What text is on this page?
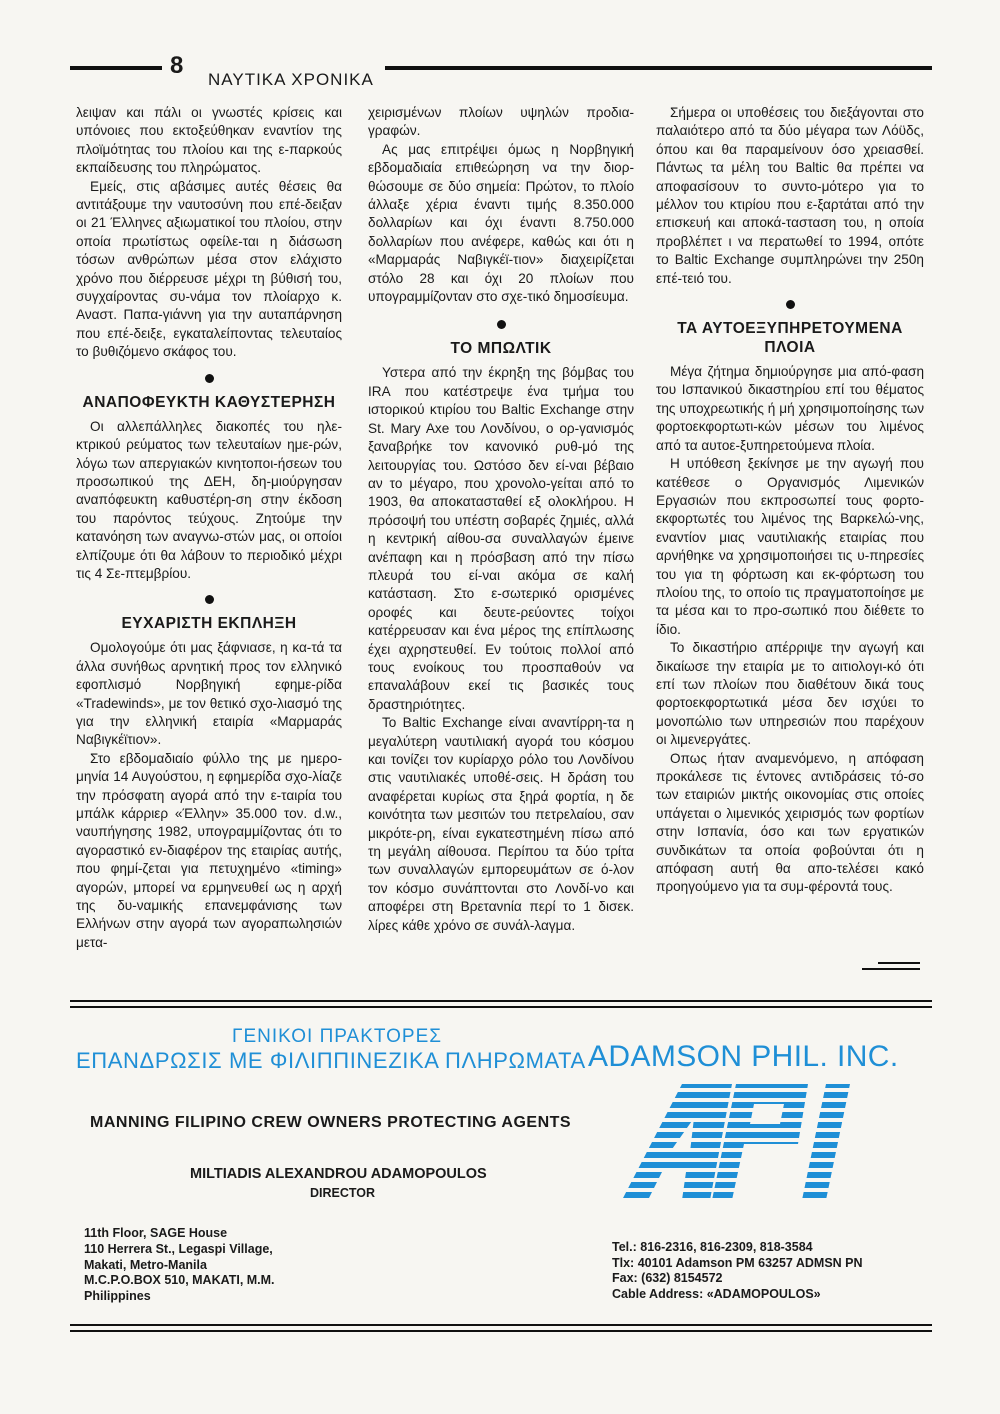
8
ΝΑΥΤΙΚΑ ΧΡΟΝΙΚΑ

λειψαν και πάλι οι γνωστές κρίσεις και υπόνοιες που εκτοξεύθηκαν εναντίον της πλοϊμότητας του πλοίου και της ε-παρκούς εκπαίδευσης του πληρώματος.

Εμείς, στις αβάσιμες αυτές θέσεις θα αντιτάξουμε την ναυτοσύνη που επέ-δειξαν οι 21 Έλληνες αξιωματικοί του πλοίου, στην οποία πρωτίστως οφείλε-ται η διάσωση τόσων ανθρώπων μέσα στον ελάχιστο χρόνο που διέρρευσε μέχρι τη βύθισή του, συγχαίροντας συ-νάμα τον πλοίαρχο κ. Αναστ. Παπα-γιάννη για την αυταπάρνηση που επέ-δειξε, εγκαταλείποντας τελευταίος το βυθιζόμενο σκάφος του.

ΑΝΑΠΟΦΕΥΚΤΗ ΚΑΘΥΣΤΕΡΗΣΗ

Οι αλλεπάλληλες διακοπές του ηλε-κτρικού ρεύματος των τελευταίων ημε-ρών, λόγω των απεργιακών κινητοποι-ήσεων του προσωπικού της ΔΕΗ, δη-μιούργησαν αναπόφευκτη καθυστέρη-ση στην έκδοση του παρόντος τεύχους. Ζητούμε την κατανόηση των αναγνω-στών μας, οι οποίοι ελπίζουμε ότι θα λάβουν το περιοδικό μέχρι τις 4 Σε-πτεμβρίου.

ΕΥΧΑΡΙΣΤΗ ΕΚΠΛΗΞΗ

Ομολογούμε ότι μας ξάφνιασε, η κα-τά τα άλλα συνήθως αρνητική προς τον ελληνικό εφοπλισμό Νορβηγική εφημε-ρίδα «Tradewinds», με τον θετικό σχο-λιασμό της για την ελληνική εταιρία «Μαρμαράς Ναβιγκέϊτιον».

Στο εβδομαδιαίο φύλλο της με ημερο-μηνία 14 Αυγούστου, η εφημερίδα σχο-λίαζε την πρόσφατη αγορά από την ε-ταιρία του μπάλκ κάρριερ «Έλλην» 35.000 τον. d.w., ναυπήγησης 1982, υπογραμμίζοντας ότι το αγοραστικό εν-διαφέρον της εταιρίας αυτής, που φημί-ζεται για πετυχημένο «timing» αγορών, μπορεί να ερμηνευθεί ως η αρχή της δυ-ναμικής επανεμφάνισης των Ελλήνων στην αγορά των αγοραπωλησιών μετα-

χειρισμένων πλοίων υψηλών προδια-γραφών.

Ας μας επιτρέψει όμως η Νορβηγική εβδομαδιαία επιθεώρηση να την διορ-θώσουμε σε δύο σημεία: Πρώτον, το πλοίο άλλαξε χέρια έναντι τιμής 8.350.000 δολλαρίων και όχι έναντι 8.750.000 δολλαρίων που ανέφερε, καθώς και ότι η «Μαρμαράς Ναβιγκέϊ-τιον» διαχειρίζεται στόλο 28 και όχι 20 πλοίων που υπογραμμίζονταν στο σχε-τικό δημοσίευμα.

ΤΟ ΜΠΩΛΤΙΚ

Υστερα από την έκρηξη της βόμβας του IRA που κατέστρεψε ένα τμήμα του ιστορικού κτιρίου του Baltic Exchange στην St. Mary Axe του Λονδίνου, ο ορ-γανισμός ξαναβρήκε τον κανονικό ρυθ-μό της λειτουργίας του. Ωστόσο δεν εί-ναι βέβαιο αν το μέγαρο, που χρονολο-γείται από το 1903, θα αποκατασταθεί εξ ολοκλήρου. Η πρόσοψή του υπέστη σοβαρές ζημιές, αλλά η κεντρική αίθου-σα συναλλαγών έμεινε ανέπαφη και η πρόσβαση από την πίσω πλευρά του εί-ναι ακόμα σε καλή κατάσταση. Στο ε-σωτερικό ορισμένες οροφές και δευτε-ρεύοντες τοίχοι κατέρρευσαν και ένα μέρος της επίπλωσης έχει αχρηστευθεί. Εν τούτοις πολλοί από τους ενοίκους του προσπαθούν να επαναλάβουν εκεί τις βασικές τους δραστηριότητες.

Το Baltic Exchange είναι αναντίρρη-τα η μεγαλύτερη ναυτιλιακή αγορά του κόσμου και τονίζει τον κυρίαρχο ρόλο του Λονδίνου στις ναυτιλιακές υποθέ-σεις. Η δράση του αναφέρεται κυρίως στα ξηρά φορτία, η δε κοινότητα των μεσιτών του πετρελαίου, σαν μικρότε-ρη, είναι εγκατεστημένη πίσω από τη μεγάλη αίθουσα. Περίπου τα δύο τρίτα των συναλλαγών εμπορευμάτων σε ό-λον τον κόσμο συνάπτονται στο Λονδί-νο και αποφέρει στη Βρετανnία περί το 1 δισεκ. λίρες κάθε χρόνο σε συνάλ-λαγμα.

Σήμερα οι υποθέσεις του διεξάγονται στο παλαιότερο από τα δύο μέγαρα των Λόϋδς, όπου και θα παραμείνουν όσο χρειασθεί. Πάντως τα μέλη του Baltic θα πρέπει να αποφασίσουν το συντο-μότερο για το μέλλον του κτιρίου που ε-ξαρτάται από την επισκευή και αποκά-τασταση του, η οποία προβλέπετ ι να περατωθεί το 1994, οπότε το Baltic Exchange συμπληρώνει την 250η επέ-τειό του.

ΤΑ ΑΥΤΟΕΞΥΠΗΡΕΤΟΥΜΕΝΑ ΠΛΟΙΑ

Μέγα ζήτημα δημιούργησε μια από-φαση του Ισπανικού δικαστηρίου επί του θέματος της υποχρεωτικής ή μή χρησιμοποίησης των φορτοεκφορτωτι-κών μέσων του λιμένος από τα αυτοε-ξυπηρετούμενα πλοία.

Η υπόθεση ξεκίνησε με την αγωγή που κατέθεσε ο Οργανισμός Λιμενικών Εργασιών που εκπροσωπεί τους φορτο-εκφορτωτές του λιμένος της Βαρκελώ-νης, εναντίον μιας ναυτιλιακής εταιρίας που αρνήθηκε να χρησιμοποιήσει τις υ-πηρεσίες του για τη φόρτωση και εκ-φόρτωση του πλοίου της, το οποίο τις πραγματοποίησε με τα μέσα και το προ-σωπικό που διέθετε το ίδιο.

Το δικαστήριο απέρριψε την αγωγή και δικαίωσε την εταιρία με το αιτιολογι-κό ότι επί των πλοίων που διαθέτουν δικά τους φορτοεκφορτωτικά μέσα δεν ισχύει το μονοπώλιο των υπηρεσιών που παρέχουν οι λιμενεργάτες.

Οπως ήταν αναμενόμενο, η απόφαση προκάλεσε τις έντονες αντιδράσεις τό-σο των εταιριών μικτής οικονομίας στις οποίες υπάγεται ο λιμενικός χειρισμός των φορτίων στην Ισπανία, όσο και των εργατικών συνδικάτων τα οποία φοβούνται ότι η απόφαση αυτή θα απο-τελέσει κακό προηγούμενο για τα συμ-φέροντά τους.

ΓΕΝΙΚΟΙ ΠΡΑΚΤΟΡΕΣ
ΕΠΑΝΔΡΩΣΙΣ ΜΕ ΦΙΛΙΠΠΙΝΕΖΙΚΑ ΠΛΗΡΩΜΑΤΑ ADAMSON PHIL. INC.
MANNING FILIPINO CREW OWNERS PROTECTING AGENTS
MILTIADIS ALEXANDROU ADAMOPOULOS
DIRECTOR
11th Floor, SAGE House
110 Herrera St., Legaspi Village,
Makati, Metro-Manila
M.C.P.O.BOX 510, MAKATI, M.M.
Philippines
Tel.: 816-2316, 816-2309, 818-3584
Tlx: 40101 Adamson PM 63257 ADMSN PN
Fax: (632) 8154572
Cable Address: «ADAMOPOULOS»
